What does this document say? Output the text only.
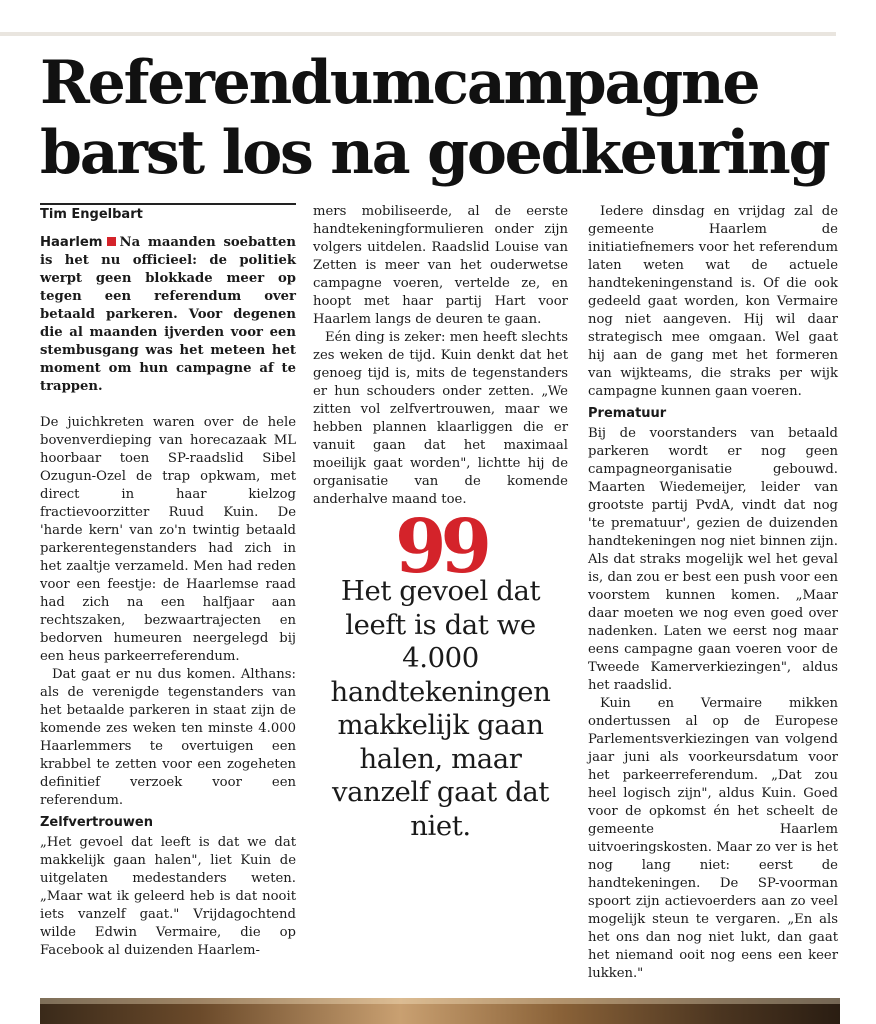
Referendumcampagne
barst los na goedkeuring
Tim Engelbart

Haarlem Na maanden soebatten is het nu officieel: de politiek werpt geen blokkade meer op tegen een referendum over betaald parkeren. Voor degenen die al maanden ijverden voor een stembusgang was het meteen het moment om hun campagne af te trappen.

De juichkreten waren over de hele bovenverdieping van horecazaak ML hoorbaar toen SP-raadslid Sibel Ozugun-Ozel de trap opkwam, met direct in haar kielzog fractievoorzitter Ruud Kuin. De 'harde kern' van zo'n twintig betaald parkerentegenstanders had zich in het zaaltje verzameld. Men had reden voor een feestje: de Haarlemse raad had zich na een halfjaar aan rechtszaken, bezwaartrajecten en bedorven humeuren neergelegd bij een heus parkeerreferendum.

Dat gaat er nu dus komen. Althans: als de verenigde tegenstanders van het betaalde parkeren in staat zijn de komende zes weken ten minste 4.000 Haarlemmers te overtuigen een krabbel te zetten voor een zogeheten definitief verzoek voor een referendum.

Zelfvertrouwen

„Het gevoel dat leeft is dat we dat makkelijk gaan halen", liet Kuin de uitgelaten medestanders weten. „Maar wat ik geleerd heb is dat nooit iets vanzelf gaat." Vrijdagochtend wilde Edwin Vermaire, die op Facebook al duizenden Haarlem-

mers mobiliseerde, al de eerste handtekeningformulieren onder zijn volgers uitdelen. Raadslid Louise van Zetten is meer van het ouderwetse campagne voeren, vertelde ze, en hoopt met haar partij Hart voor Haarlem langs de deuren te gaan.

Eén ding is zeker: men heeft slechts zes weken de tijd. Kuin denkt dat het genoeg tijd is, mits de tegenstanders er hun schouders onder zetten. „We zitten vol zelfvertrouwen, maar we hebben plannen klaarliggen die er vanuit gaan dat het maximaal moeilijk gaat worden", lichtte hij de organisatie van de komende anderhalve maand toe.

99
Het gevoel dat leeft is dat we 4.000 handtekeningen makkelijk gaan halen, maar vanzelf gaat dat niet.

Iedere dinsdag en vrijdag zal de gemeente Haarlem de initiatiefnemers voor het referendum laten weten wat de actuele handtekeningenstand is. Of die ook gedeeld gaat worden, kon Vermaire nog niet aangeven. Hij wil daar strategisch mee omgaan. Wel gaat hij aan de gang met het formeren van wijkteams, die straks per wijk campagne kunnen gaan voeren.

Prematuur

Bij de voorstanders van betaald parkeren wordt er nog geen campagneorganisatie gebouwd. Maarten Wiedemeijer, leider van grootste partij PvdA, vindt dat nog 'te prematuur', gezien de duizenden handtekeningen nog niet binnen zijn. Als dat straks mogelijk wel het geval is, dan zou er best een push voor een voorstem kunnen komen. „Maar daar moeten we nog even goed over nadenken. Laten we eerst nog maar eens campagne gaan voeren voor de Tweede Kamerverkiezingen", aldus het raadslid.

Kuin en Vermaire mikken ondertussen al op de Europese Parlementsverkiezingen van volgend jaar juni als voorkeursdatum voor het parkeerreferendum. „Dat zou heel logisch zijn", aldus Kuin. Goed voor de opkomst én het scheelt de gemeente Haarlem uitvoeringskosten. Maar zo ver is het nog lang niet: eerst de handtekeningen. De SP-voorman spoort zijn actievoerders aan zo veel mogelijk steun te vergaren. „En als het ons dan nog niet lukt, dan gaat het niemand ooit nog eens een keer lukken."
